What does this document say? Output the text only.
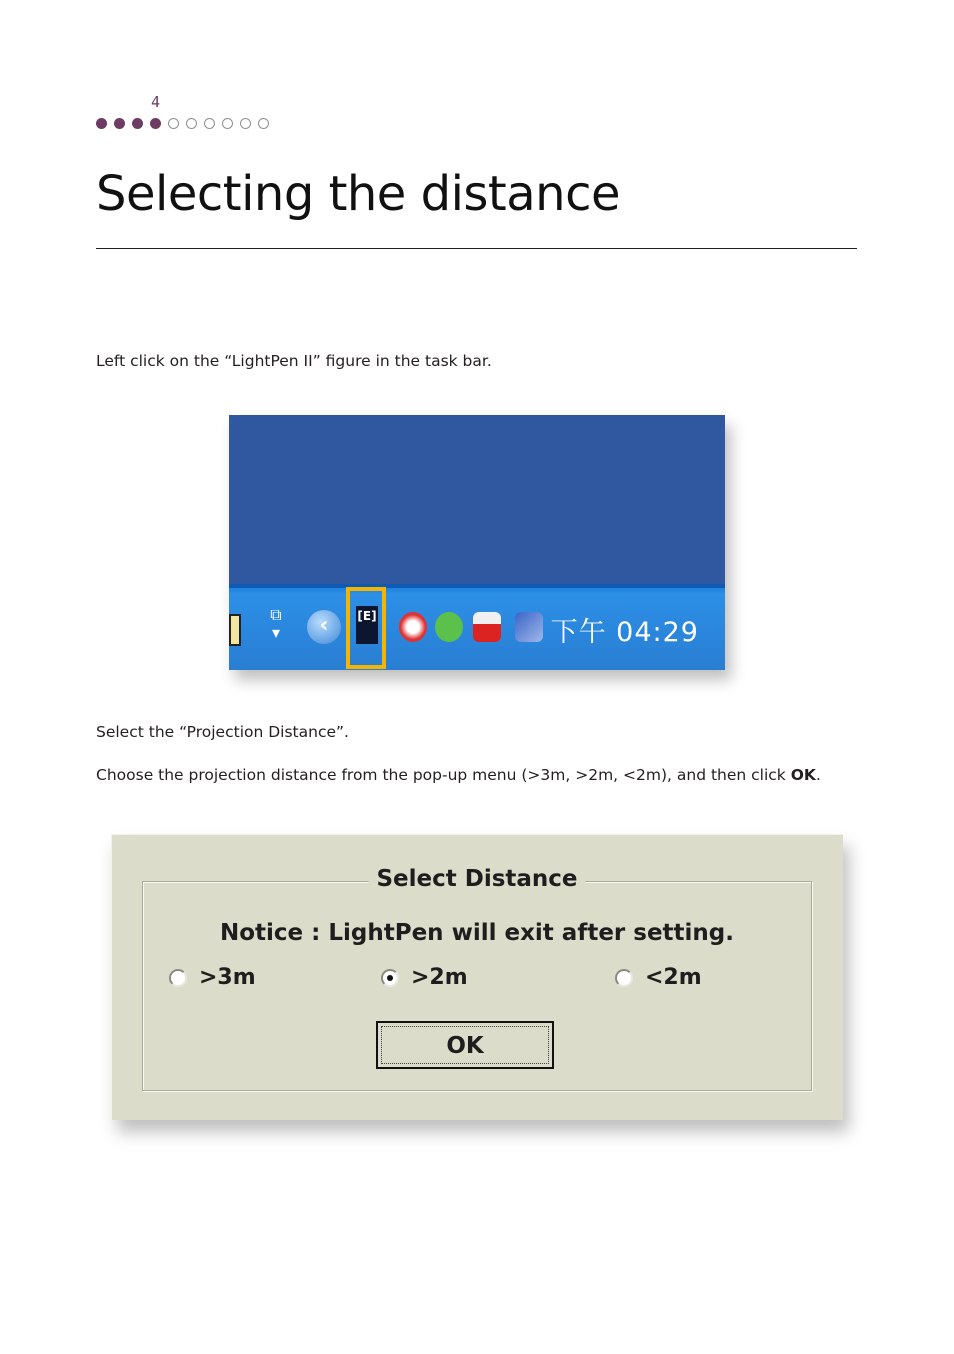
4
Selecting the distance

Left click on the “LightPen II” figure in the task bar.

⧉
▾	‹	[E]
下午 04:29

Select the “Projection Distance”.

Choose the projection distance from the pop-up menu (>3m, >2m, <2m), and then click OK.

Select Distance
Notice : LightPen will exit after setting.
>3m	>2m	<2m
OK
